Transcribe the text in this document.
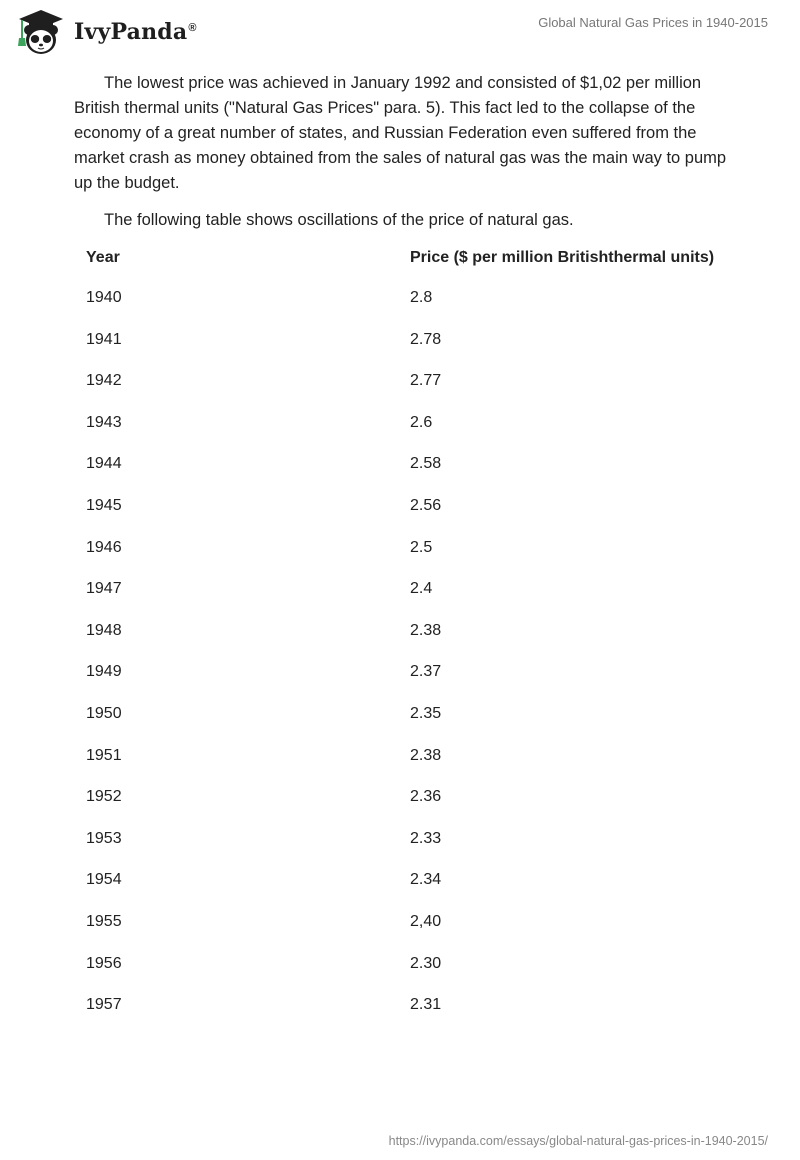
IvyPanda®	Global Natural Gas Prices in 1940-2015

The lowest price was achieved in January 1992 and consisted of $1,02 per million British thermal units ("Natural Gas Prices" para. 5). This fact led to the collapse of the economy of a great number of states, and Russian Federation even suffered from the market crash as money obtained from the sales of natural gas was the main way to pump up the budget.

The following table shows oscillations of the price of natural gas.

Year	Price ($ per million Britishthermal units)
1940	2.8
1941	2.78
1942	2.77
1943	2.6
1944	2.58
1945	2.56
1946	2.5
1947	2.4
1948	2.38
1949	2.37
1950	2.35
1951	2.38
1952	2.36
1953	2.33
1954	2.34
1955	2,40
1956	2.30
1957	2.31
https://ivypanda.com/essays/global-natural-gas-prices-in-1940-2015/
